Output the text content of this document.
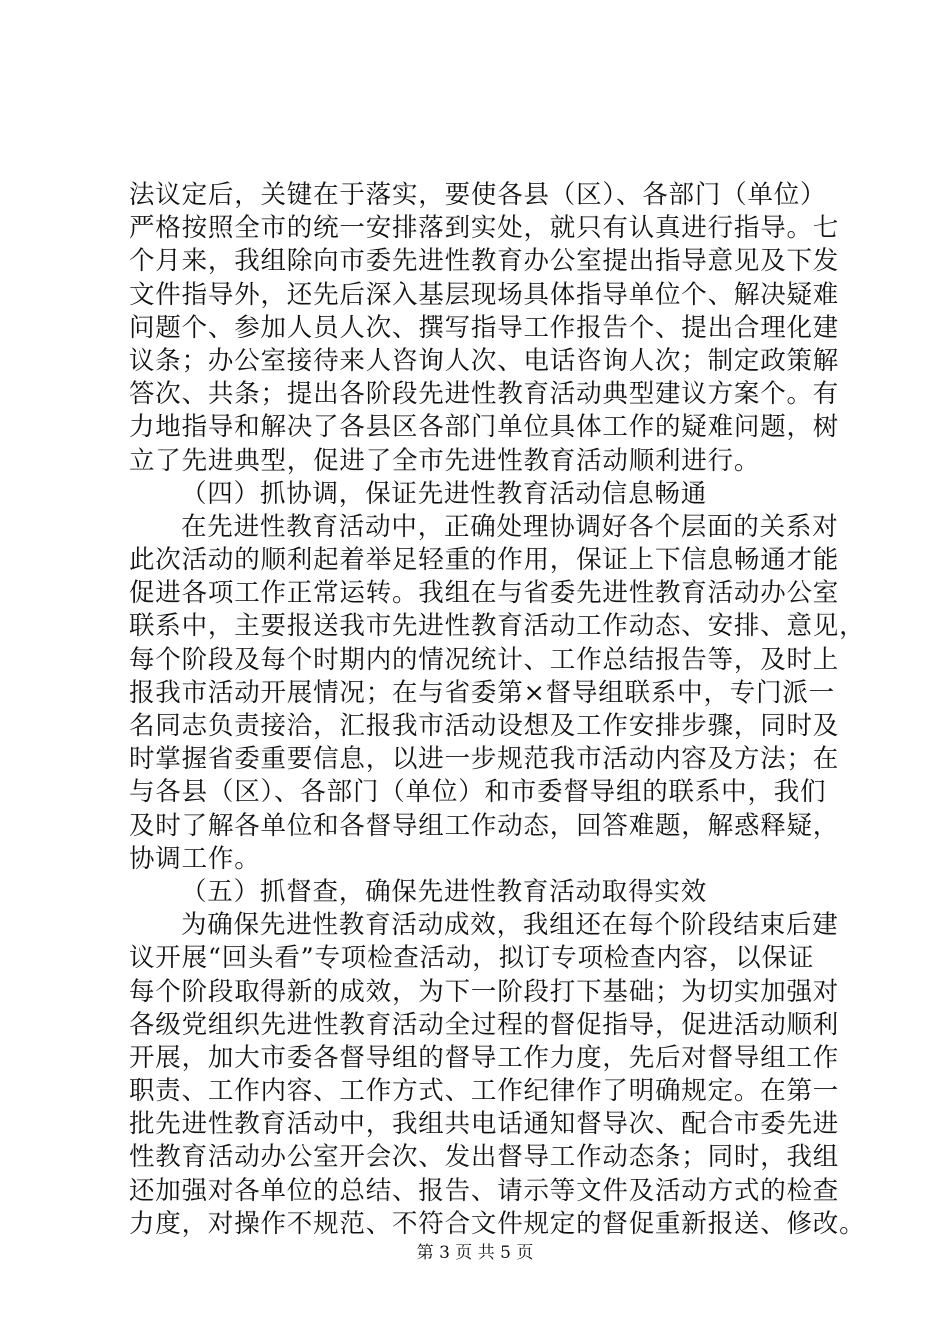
法议定后，关键在于落实，要使各县（区）、各部门（单位）
严格按照全市的统一安排落到实处，就只有认真进行指导。七
个月来，我组除向市委先进性教育办公室提出指导意见及下发
文件指导外，还先后深入基层现场具体指导单位个、解决疑难
问题个、参加人员人次、撰写指导工作报告个、提出合理化建
议条；办公室接待来人咨询人次、电话咨询人次；制定政策解
答次、共条；提出各阶段先进性教育活动典型建议方案个。有
力地指导和解决了各县区各部门单位具体工作的疑难问题，树
立了先进典型，促进了全市先进性教育活动顺利进行。
（四）抓协调，保证先进性教育活动信息畅通
在先进性教育活动中，正确处理协调好各个层面的关系对
此次活动的顺利起着举足轻重的作用，保证上下信息畅通才能
促进各项工作正常运转。我组在与省委先进性教育活动办公室
联系中，主要报送我市先进性教育活动工作动态、安排、意见，
每个阶段及每个时期内的情况统计、工作总结报告等，及时上
报我市活动开展情况；在与省委第×督导组联系中，专门派一
名同志负责接洽，汇报我市活动设想及工作安排步骤，同时及
时掌握省委重要信息，以进一步规范我市活动内容及方法；在
与各县（区）、各部门（单位）和市委督导组的联系中，我们
及时了解各单位和各督导组工作动态，回答难题，解惑释疑，
协调工作。
（五）抓督查，确保先进性教育活动取得实效
为确保先进性教育活动成效，我组还在每个阶段结束后建
议开展“回头看”专项检查活动，拟订专项检查内容，以保证
每个阶段取得新的成效，为下一阶段打下基础；为切实加强对
各级党组织先进性教育活动全过程的督促指导，促进活动顺利
开展，加大市委各督导组的督导工作力度，先后对督导组工作
职责、工作内容、工作方式、工作纪律作了明确规定。在第一
批先进性教育活动中，我组共电话通知督导次、配合市委先进
性教育活动办公室开会次、发出督导工作动态条；同时，我组
还加强对各单位的总结、报告、请示等文件及活动方式的检查
力度，对操作不规范、不符合文件规定的督促重新报送、修改。
第 3 页 共 5 页
